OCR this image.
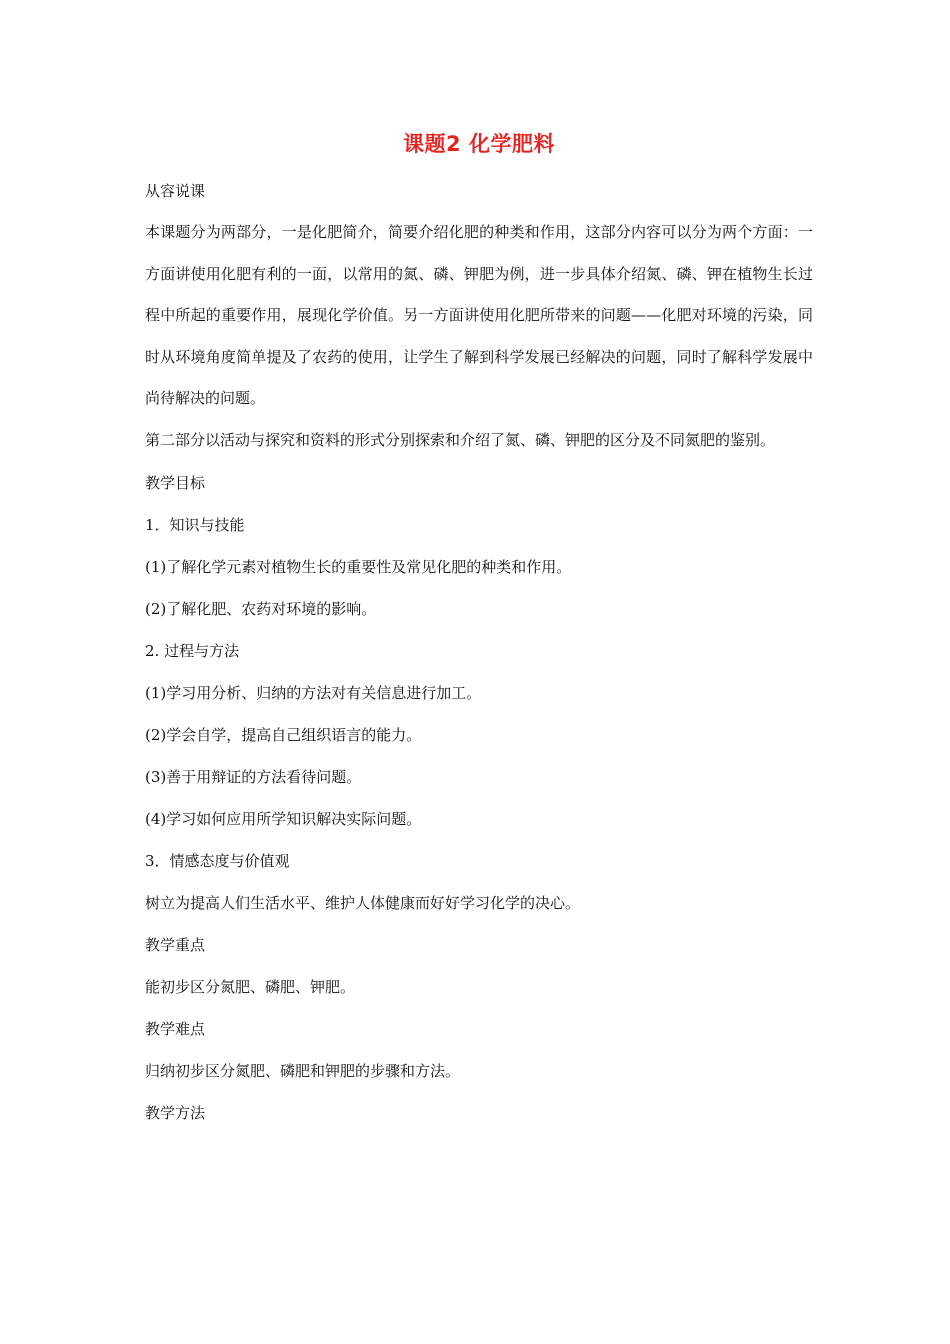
课题2 化学肥料

从容说课

本课题分为两部分，一是化肥简介，简要介绍化肥的种类和作用，这部分内容可以分为两个方面：一方面讲使用化肥有利的一面，以常用的氮、磷、钾肥为例，进一步具体介绍氮、磷、钾在植物生长过程中所起的重要作用，展现化学价值。另一方面讲使用化肥所带来的问题——化肥对环境的污染，同时从环境角度简单提及了农药的使用，让学生了解到科学发展已经解决的问题，同时了解科学发展中尚待解决的问题。

第二部分以活动与探究和资料的形式分别探索和介绍了氮、磷、钾肥的区分及不同氮肥的鉴别。

教学目标

1．知识与技能

(1)了解化学元素对植物生长的重要性及常见化肥的种类和作用。

(2)了解化肥、农药对环境的影响。

2. 过程与方法

(1)学习用分析、归纳的方法对有关信息进行加工。

(2)学会自学，提高自己组织语言的能力。

(3)善于用辩证的方法看待问题。

(4)学习如何应用所学知识解决实际问题。

3．情感态度与价值观

树立为提高人们生活水平、维护人体健康而好好学习化学的决心。

教学重点

能初步区分氮肥、磷肥、钾肥。

教学难点

归纳初步区分氮肥、磷肥和钾肥的步骤和方法。

教学方法
